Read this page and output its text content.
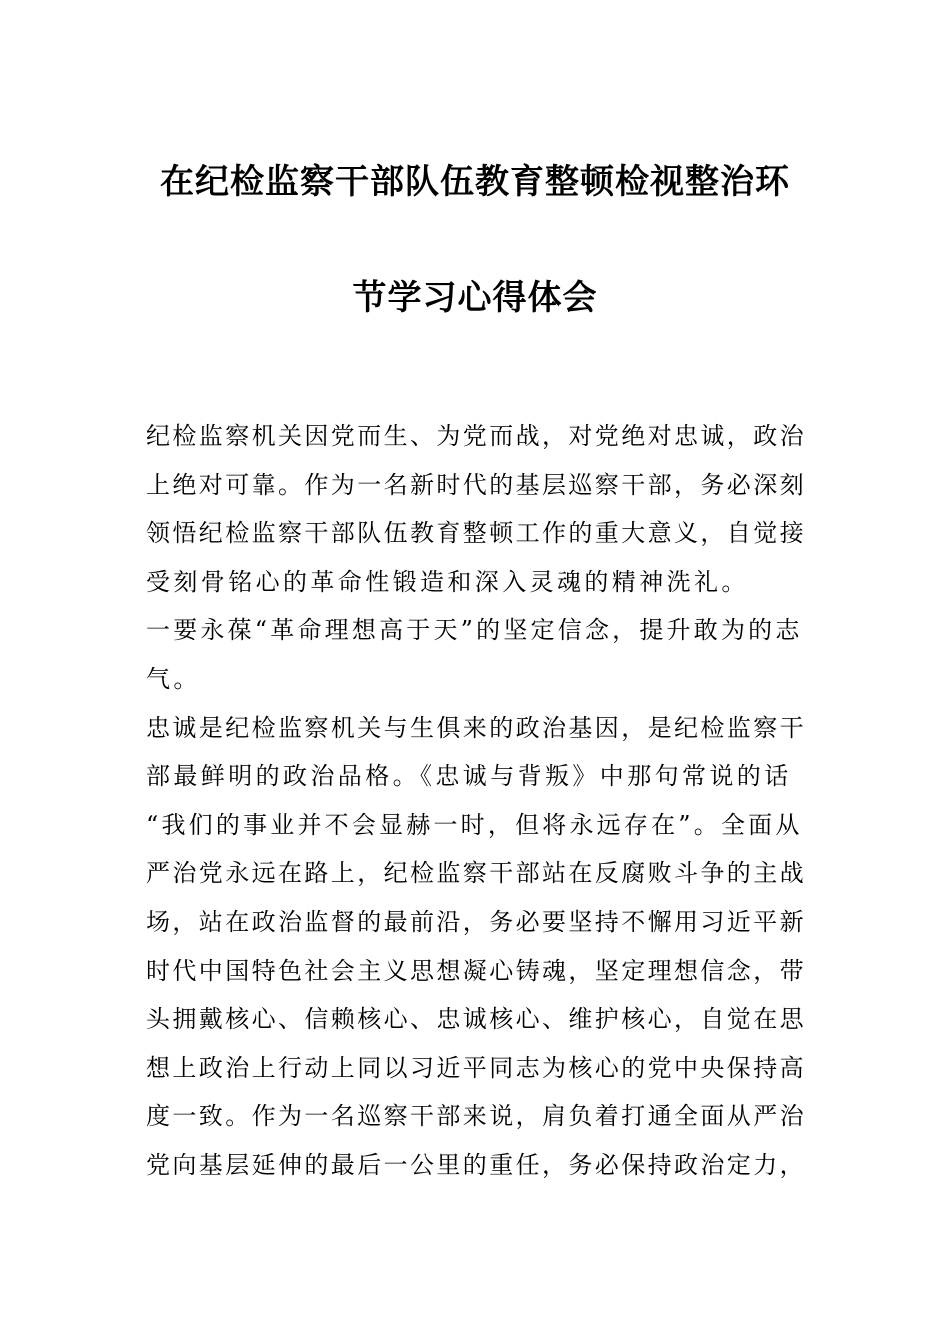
在纪检监察干部队伍教育整顿检视整治环
节学习心得体会
纪检监察机关因党而生、为党而战，对党绝对忠诚，政治
上绝对可靠。作为一名新时代的基层巡察干部，务必深刻
领悟纪检监察干部队伍教育整顿工作的重大意义，自觉接
受刻骨铭心的革命性锻造和深入灵魂的精神洗礼。
一要永葆“革命理想高于天”的坚定信念，提升敢为的志
气。
忠诚是纪检监察机关与生俱来的政治基因，是纪检监察干
部最鲜明的政治品格。《忠诚与背叛》中那句常说的话
“我们的事业并不会显赫一时，但将永远存在”。全面从
严治党永远在路上，纪检监察干部站在反腐败斗争的主战
场，站在政治监督的最前沿，务必要坚持不懈用习近平新
时代中国特色社会主义思想凝心铸魂，坚定理想信念，带
头拥戴核心、信赖核心、忠诚核心、维护核心，自觉在思
想上政治上行动上同以习近平同志为核心的党中央保持高
度一致。作为一名巡察干部来说，肩负着打通全面从严治
党向基层延伸的最后一公里的重任，务必保持政治定力，
